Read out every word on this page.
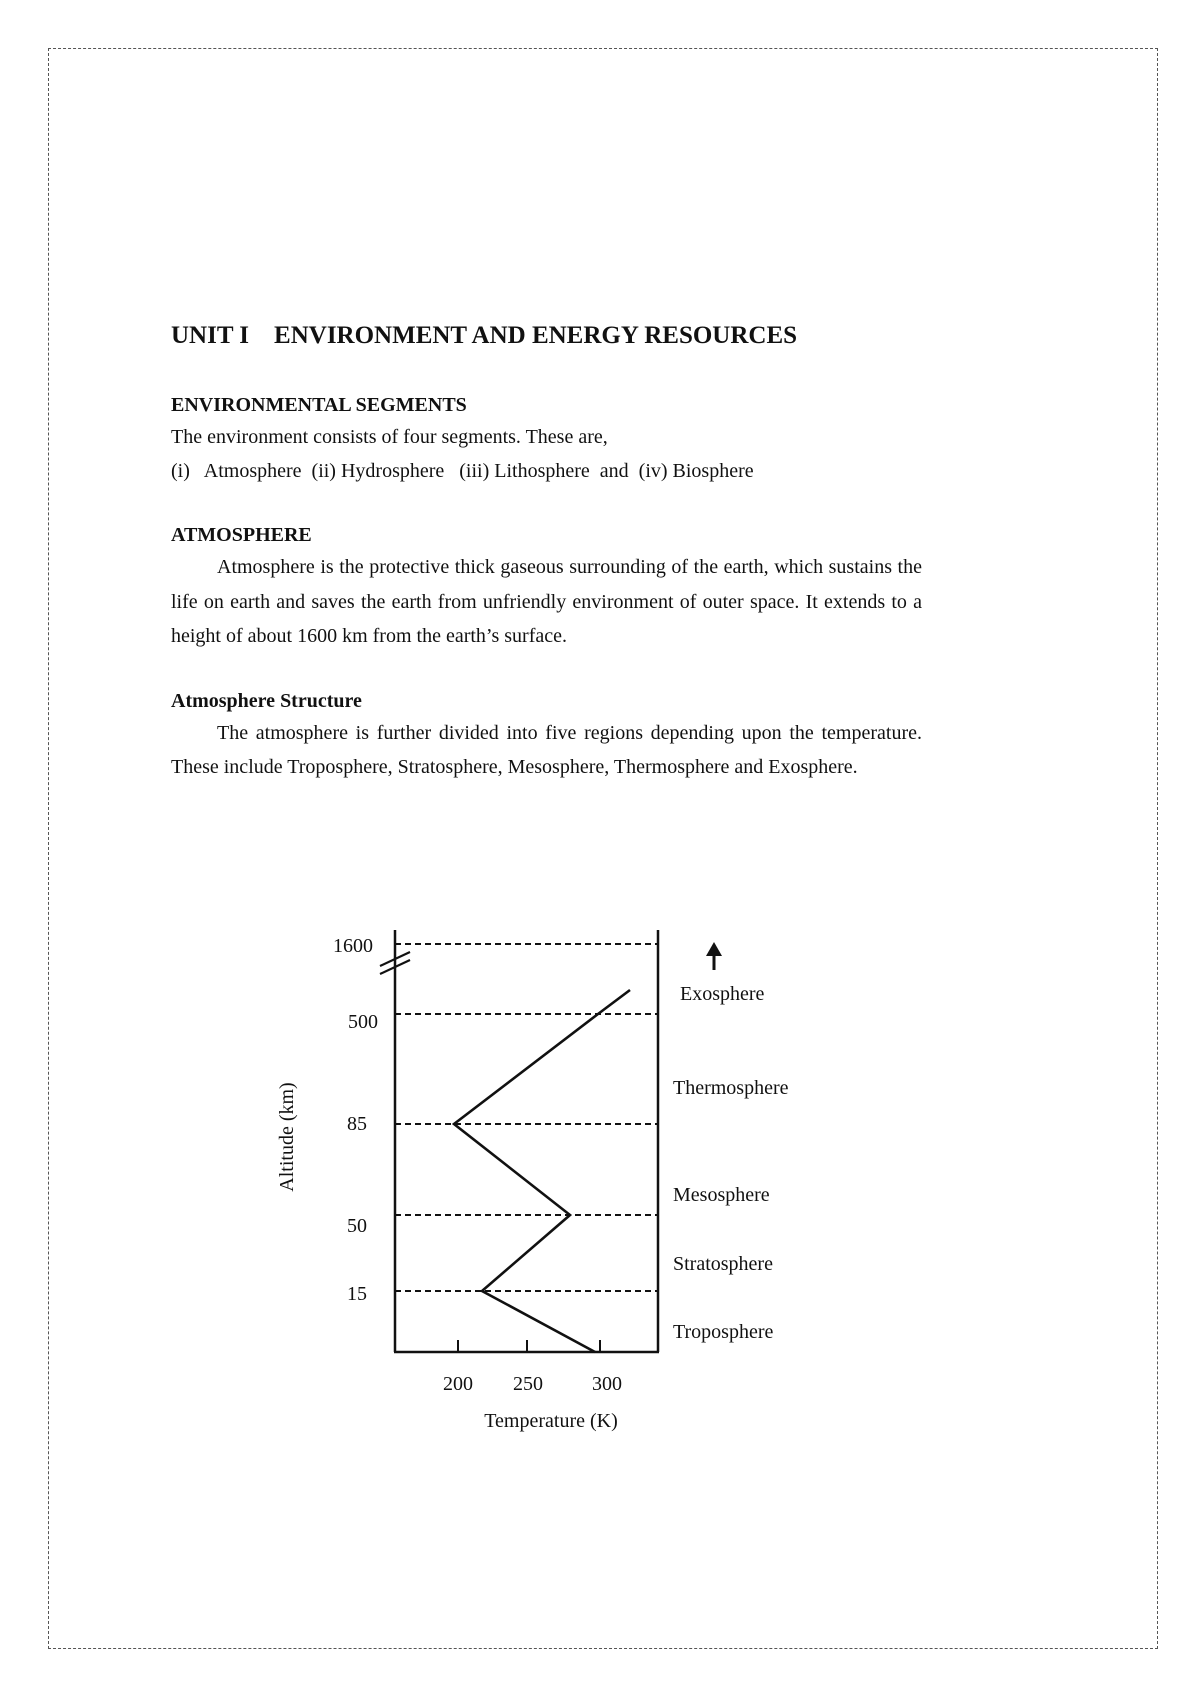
UNIT I    ENVIRONMENT AND ENERGY RESOURCES
ENVIRONMENTAL SEGMENTS

The environment consists of four segments. These are,

(i)   Atmosphere  (ii) Hydrosphere   (iii) Lithosphere  and  (iv) Biosphere

ATMOSPHERE

Atmosphere is the protective thick gaseous surrounding of the earth, which sustains the life on earth and saves the earth from unfriendly environment of outer space. It extends to a height of about 1600 km from the earth’s surface.

Atmosphere Structure

The atmosphere is further divided into five regions depending upon the temperature. These include Troposphere, Stratosphere, Mesosphere, Thermosphere and Exosphere.

1600
500
85
50
15
200 250 300
Temperature (K)
Altitude (km)
Exosphere
Thermosphere
Mesosphere
Stratosphere
Troposphere
